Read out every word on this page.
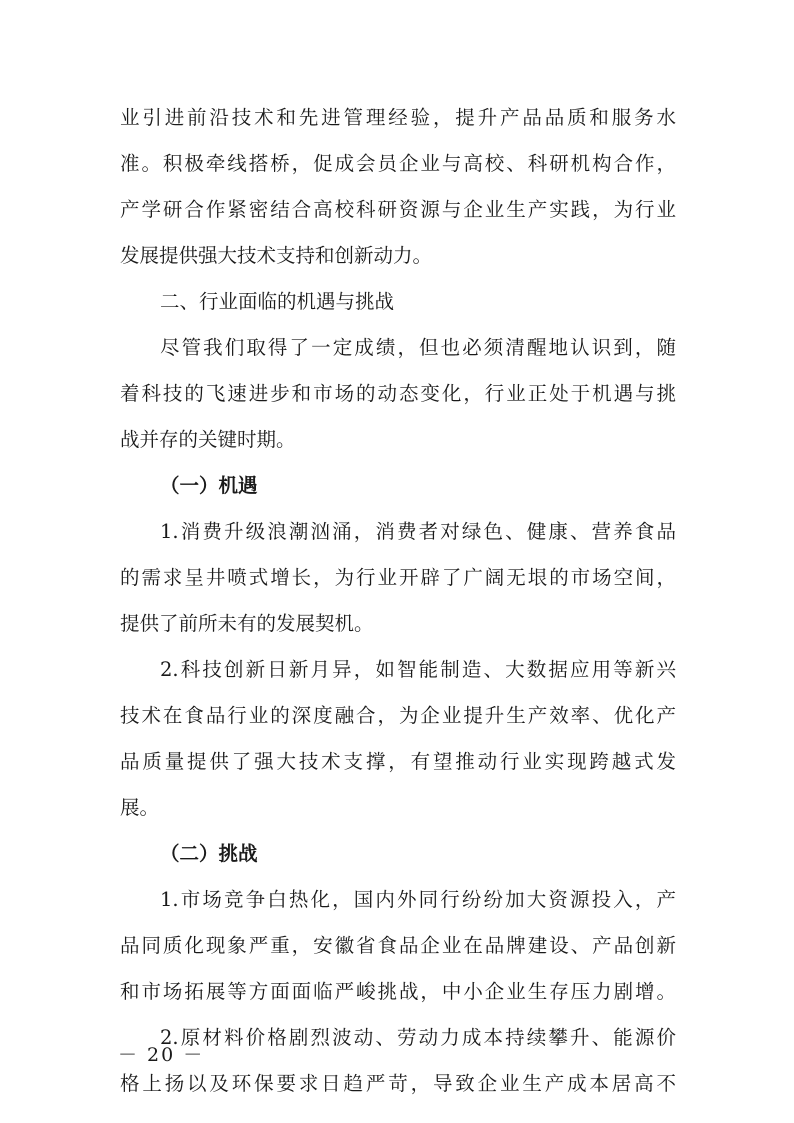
业引进前沿技术和先进管理经验，提升产品品质和服务水
准。积极牵线搭桥，促成会员企业与高校、科研机构合作，
产学研合作紧密结合高校科研资源与企业生产实践，为行业
发展提供强大技术支持和创新动力。
二、行业面临的机遇与挑战
尽管我们取得了一定成绩，但也必须清醒地认识到，随
着科技的飞速进步和市场的动态变化，行业正处于机遇与挑
战并存的关键时期。
（一）机遇
1.消费升级浪潮汹涌，消费者对绿色、健康、营养食品
的需求呈井喷式增长，为行业开辟了广阔无垠的市场空间，
提供了前所未有的发展契机。
2.科技创新日新月异，如智能制造、大数据应用等新兴
技术在食品行业的深度融合，为企业提升生产效率、优化产
品质量提供了强大技术支撑，有望推动行业实现跨越式发
展。
（二）挑战
1.市场竞争白热化，国内外同行纷纷加大资源投入，产
品同质化现象严重，安徽省食品企业在品牌建设、产品创新
和市场拓展等方面面临严峻挑战，中小企业生存压力剧增。
2.原材料价格剧烈波动、劳动力成本持续攀升、能源价
格上扬以及环保要求日趋严苛，导致企业生产成本居高不
－ 20 －
